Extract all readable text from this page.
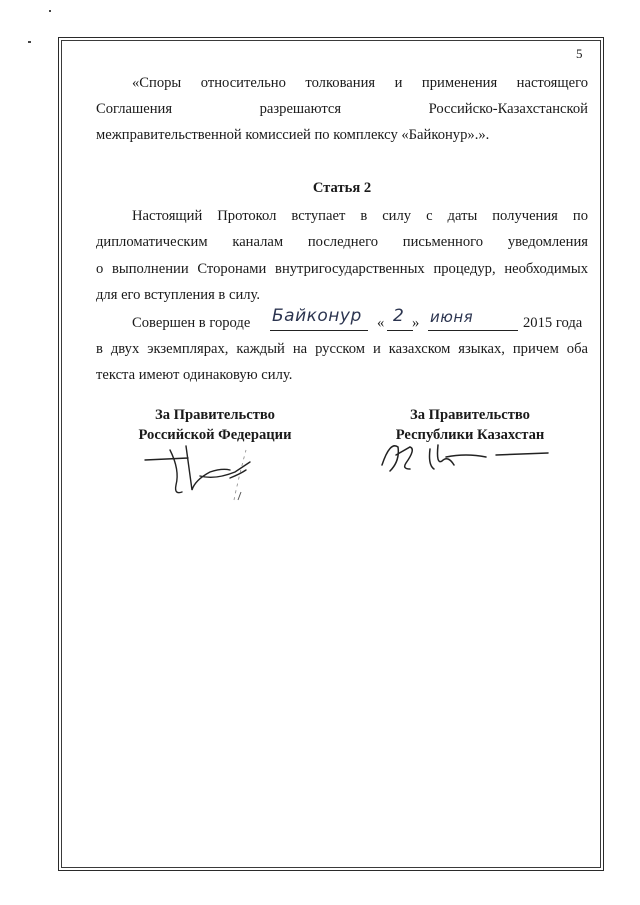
5

«Споры относительно толкования и применения настоящего

Соглашения разрешаются Российско-Казахстанской

межправительственной комиссией по комплексу «Байконур».».

Статья 2

Настоящий Протокол вступает в силу с даты получения по

дипломатическим каналам последнего письменного уведомления

о выполнении Сторонами внутригосударственных процедур, необходимых

для его вступления в силу.

Совершен в городе Байконур « 2 » июня	2015 года

в двух экземплярах, каждый на русском и казахском языках, причем оба

текста имеют одинаковую силу.

За Правительство
Российской Федерации
За Правительство
Республики Казахстан
